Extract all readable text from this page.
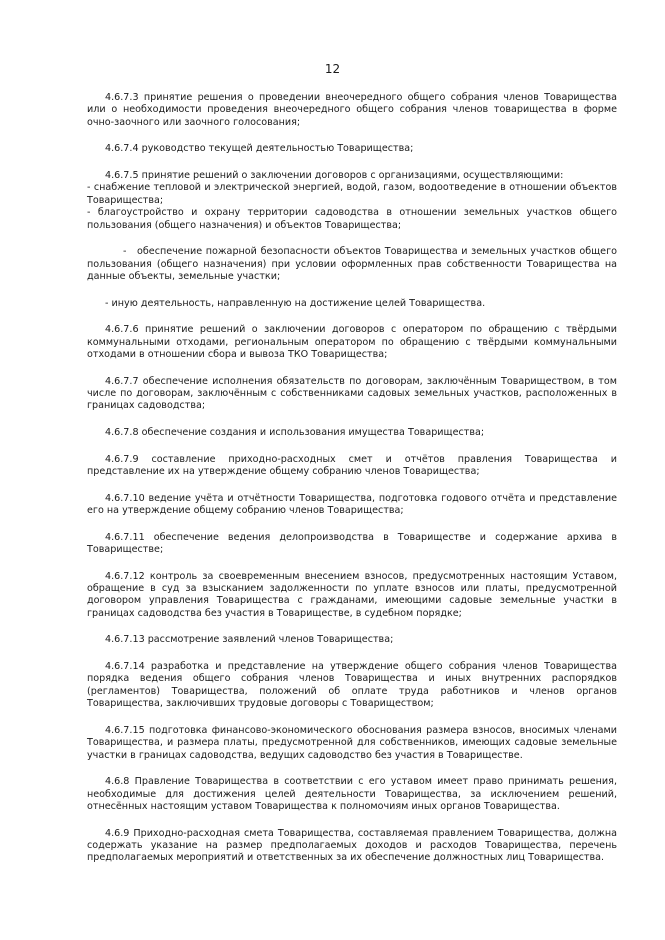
12

4.6.7.3 принятие решения о проведении внеочередного общего собрания членов Товарищества или о необходимости проведения внеочередного общего собрания членов товарищества в форме очно-заочного или заочного голосования;

4.6.7.4 руководство текущей деятельностью Товарищества;

4.6.7.5 принятие решений о заключении договоров с организациями, осуществляющими:
- снабжение тепловой и электрической энергией, водой, газом, водоотведение в отношении объектов Товарищества;
- благоустройство и охрану территории садоводства в отношении земельных участков общего пользования (общего назначения) и объектов Товарищества;

- обеспечение пожарной безопасности объектов Товарищества и земельных участков общего пользования (общего назначения) при условии оформленных прав собственности Товарищества на данные объекты, земельные участки;

- иную деятельность, направленную на достижение целей Товарищества.

4.6.7.6 принятие решений о заключении договоров с оператором по обращению с твёрдыми коммунальными отходами, региональным оператором по обращению с твёрдыми коммунальными отходами в отношении сбора и вывоза ТКО Товарищества;

4.6.7.7 обеспечение исполнения обязательств по договорам, заключённым Товариществом, в том числе по договорам, заключённым с собственниками садовых земельных участков, расположенных в границах садоводства;

4.6.7.8 обеспечение создания и использования имущества Товарищества;

4.6.7.9 составление приходно-расходных смет и отчётов правления Товарищества и представление их на утверждение общему собранию членов Товарищества;

4.6.7.10 ведение учёта и отчётности Товарищества, подготовка годового отчёта и представление его на утверждение общему собранию членов Товарищества;

4.6.7.11 обеспечение ведения делопроизводства в Товариществе и содержание архива в Товариществе;

4.6.7.12 контроль за своевременным внесением взносов, предусмотренных настоящим Уставом, обращение в суд за взысканием задолженности по уплате взносов или платы, предусмотренной договором управления Товарищества с гражданами, имеющими садовые земельные участки в границах садоводства без участия в Товариществе, в судебном порядке;

4.6.7.13 рассмотрение заявлений членов Товарищества;

4.6.7.14 разработка и представление на утверждение общего собрания членов Товарищества порядка ведения общего собрания членов Товарищества и иных внутренних распорядков (регламентов) Товарищества, положений об оплате труда работников и членов органов Товарищества, заключивших трудовые договоры с Товариществом;

4.6.7.15 подготовка финансово-экономического обоснования размера взносов, вносимых членами Товарищества, и размера платы, предусмотренной для собственников, имеющих садовые земельные участки в границах садоводства, ведущих садоводство без участия в Товариществе.

4.6.8 Правление Товарищества в соответствии с его уставом имеет право принимать решения, необходимые для достижения целей деятельности Товарищества, за исключением решений, отнесённых настоящим уставом Товарищества к полномочиям иных органов Товарищества.

4.6.9 Приходно-расходная смета Товарищества, составляемая правлением Товарищества, должна содержать указание на размер предполагаемых доходов и расходов Товарищества, перечень предполагаемых мероприятий и ответственных за их обеспечение должностных лиц Товарищества.
